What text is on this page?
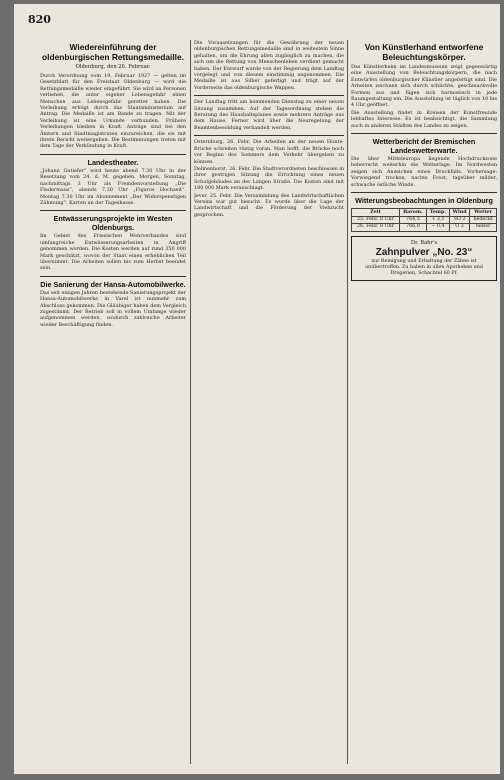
820
Wiedereinführung der oldenburgischen Rettungsmedaille.
Oldenburg, den 26. Februar.

Durch Verordnung vom 19. Februar 1927 — gelten im Gesetzblatt für den Freistaat Oldenburg — wird die Rettungsmedaille wieder eingeführt. Sie wird an Personen verliehen, die unter eigener Lebensgefahr einen Menschen aus Lebensgefahr gerettet haben. Die Verleihung erfolgt durch das Staatsministerium auf Antrag. Die Medaille ist am Bande zu tragen. Mit der Verleihung ist eine Urkunde verbunden. Frühere Verleihungen bleiben in Kraft. Anträge sind bei den Ämtern und Stadtmagistraten einzureichen, die sie mit ihrem Bericht weitergeben. Die Bestimmungen treten mit dem Tage der Verkündung in Kraft.

Landestheater.

„Johann Gutiefer“ wird heute abend 7.30 Uhr in der Besetzung vom 24. d. M. gegeben. Morgen, Sonntag, nachmittags 3 Uhr als Fremdenvorstellung „Die Fledermaus“, abends 7.30 Uhr „Figaros Hochzeit“. Montag 7.30 Uhr im Abonnement „Der Widerspenstigen Zähmung“. Karten an der Tageskasse.

Entwässerungsprojekte im Westen Oldenburgs.

Im Gebiet des Friesischen Wehrverbandes sind umfangreiche Entwässerungsarbeiten in Angriff genommen worden. Die Kosten werden auf rund 350 000 Mark geschätzt, wovon der Staat einen erheblichen Teil übernimmt. Die Arbeiten sollen bis zum Herbst beendet sein.

Die Sanierung der Hansa-Automobilwerke.

Das seit einigen Jahren bestehende Sanierungsprojekt der Hansa-Automobilwerke in Varel ist nunmehr zum Abschluss gekommen. Die Gläubiger haben dem Vergleich zugestimmt. Der Betrieb soll in vollem Umfange wieder aufgenommen werden, wodurch zahlreiche Arbeiter wieder Beschäftigung finden.

Die Vorausetzungen für die Gewährung der neuen oldenburgischen Rettungsmedaille sind in weitestem Sinne gehalten, um die Ehrung allen zugänglich zu machen, die sich um die Rettung von Menschenleben verdient gemacht haben. Der Entwurf wurde von der Regierung dem Landtag vorgelegt und von diesem einstimmig angenommen. Die Medaille ist aus Silber gefertigt und trägt auf der Vorderseite das oldenburgische Wappen.

Der Landtag tritt am kommenden Dienstag zu einer neuen Sitzung zusammen. Auf der Tagesordnung stehen die Beratung des Haushaltsplanes sowie mehrere Anträge aus dem Hause. Ferner wird über die Neuregelung der Beamtenbesoldung verhandelt werden.

Osternburg, 26. Febr. Die Arbeiten an der neuen Hunte-Brücke schreiten rüstig voran. Man hofft, die Brücke noch vor Beginn des Sommers dem Verkehr übergeben zu können.

Delmenhorst, 26. Febr. Die Stadtverordneten beschlossen in ihrer gestrigen Sitzung die Errichtung eines neuen Schulgebäudes an der Langen Straße. Die Kosten sind mit 180 000 Mark veranschlagt.

Jever, 25. Febr. Die Versammlung des Landwirtschaftlichen Vereins war gut besucht. Es wurde über die Lage der Landwirtschaft und die Förderung der Viehzucht gesprochen.

Von Künstlerhand entworfene Beleuchtungskörper.

Das Künstlerheim im Landesmuseum zeigt gegenwärtig eine Ausstellung von Beleuchtungskörpern, die nach Entwürfen oldenburgischer Künstler angefertigt sind. Die Arbeiten zeichnen sich durch schlichte, geschmackvolle Formen aus und fügen sich harmonisch in jede Raumgestaltung ein. Die Ausstellung ist täglich von 10 bis 4 Uhr geöffnet.

Die Ausstellung findet in Kreisen der Kunstfreunde lebhaftes Interesse. Es ist beabsichtigt, die Sammlung auch in anderen Städten des Landes zu zeigen.

Wetterbericht der Bremischen Landeswetterwarte.

Die über Mitteleuropa liegende Hochdruckzone beherrscht weiterhin die Wetterlage. Im Nordwesten zeigen sich Anzeichen eines Druckfalls. Vorhersage: Vorwiegend trocken, nachts Frost, tagsüber milder, schwache östliche Winde.

Witterungsbeobachtungen in Oldenburg
Zeit	Barom.	Temp.	Wind	Wetter
25. Febr. 8 Uhr	764,5	+ 3,1	SO 2	bedeckt
26. Febr. 8 Uhr	766,0	− 0,4	O 2	heiter
Dr. Bahr's
Zahnpulver „No. 23“
zur Reinigung und Erhaltung der Zähne ist unübertroffen. Zu haben in allen Apotheken und Drogerien, Schachtel 60 Pf.
